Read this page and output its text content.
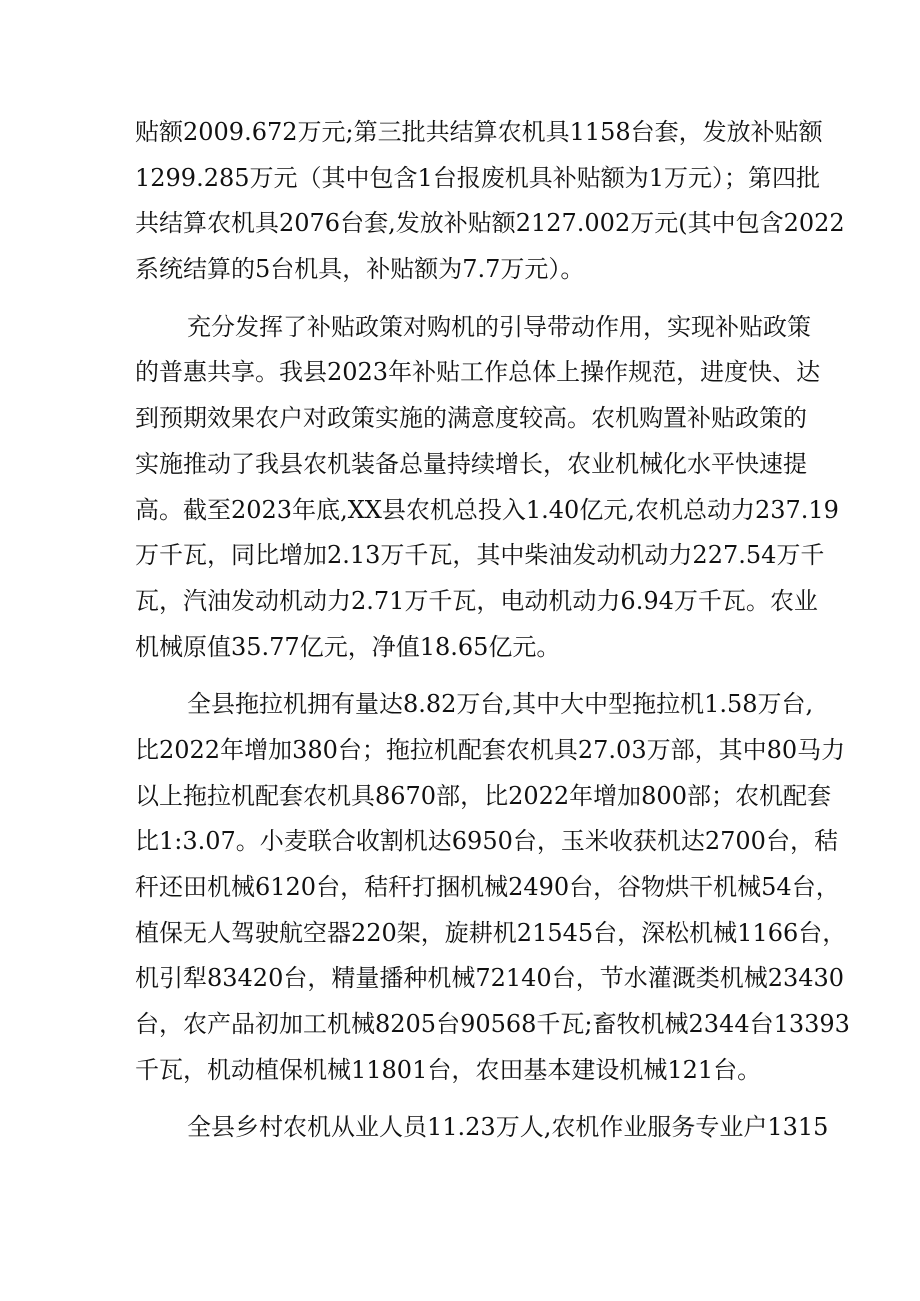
贴额2009.672万元;第三批共结算农机具1158台套，发放补贴额
1299.285万元（其中包含1台报废机具补贴额为1万元）；第四批
共结算农机具2076台套,发放补贴额2127.002万元(其中包含2022
系统结算的5台机具，补贴额为7.7万元）。
充分发挥了补贴政策对购机的引导带动作用，实现补贴政策
的普惠共享。我县2023年补贴工作总体上操作规范，进度快、达
到预期效果农户对政策实施的满意度较高。农机购置补贴政策的
实施推动了我县农机装备总量持续增长，农业机械化水平快速提
高。截至2023年底,XX县农机总投入1.40亿元,农机总动力237.19
万千瓦，同比增加2.13万千瓦，其中柴油发动机动力227.54万千
瓦，汽油发动机动力2.71万千瓦，电动机动力6.94万千瓦。农业
机械原值35.77亿元，净值18.65亿元。
全县拖拉机拥有量达8.82万台,其中大中型拖拉机1.58万台,
比2022年增加380台；拖拉机配套农机具27.03万部，其中80马力
以上拖拉机配套农机具8670部，比2022年增加800部；农机配套
比1:3.07。小麦联合收割机达6950台，玉米收获机达2700台，秸
秆还田机械6120台，秸秆打捆机械2490台，谷物烘干机械54台，
植保无人驾驶航空器220架，旋耕机21545台，深松机械1166台，
机引犁83420台，精量播种机械72140台，节水灌溉类机械23430
台，农产品初加工机械8205台90568千瓦;畜牧机械2344台13393
千瓦，机动植保机械11801台，农田基本建设机械121台。
全县乡村农机从业人员11.23万人,农机作业服务专业户1315
